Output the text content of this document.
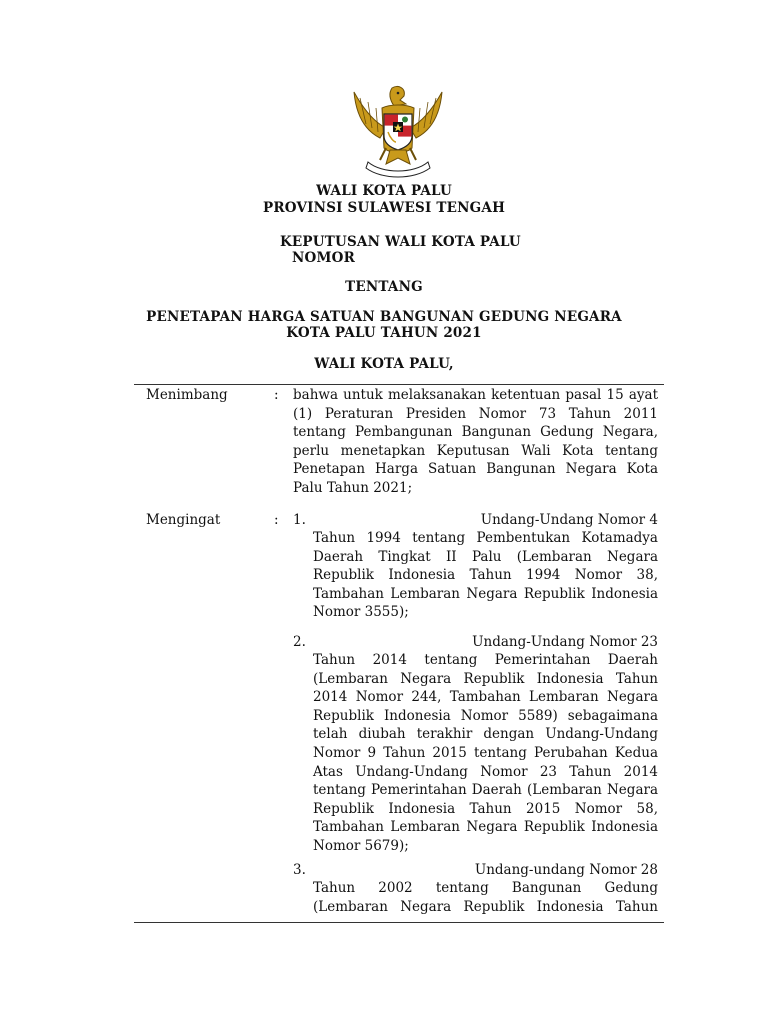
WALI KOTA PALU
PROVINSI SULAWESI TENGAH
KEPUTUSAN WALI KOTA PALU
NOMOR
TENTANG
PENETAPAN HARGA SATUAN BANGUNAN GEDUNG NEGARA
KOTA PALU TAHUN 2021
WALI KOTA PALU,
Menimbang	: bahwa untuk melaksanakan ketentuan pasal 15 ayat (1) Peraturan Presiden Nomor 73 Tahun 2011 tentang Pembangunan Bangunan Gedung Negara, perlu menetapkan Keputusan Wali Kota tentang Penetapan Harga Satuan Bangunan Negara Kota Palu Tahun 2021;
Mengingat	: 1.	Undang-Undang Nomor 4
Tahun 1994 tentang Pembentukan Kotamadya Daerah Tingkat II Palu (Lembaran Negara Republik Indonesia Tahun 1994 Nomor 38, Tambahan Lembaran Negara Republik Indonesia Nomor 3555);
2.	Undang-Undang Nomor 23
Tahun 2014 tentang Pemerintahan Daerah (Lembaran Negara Republik Indonesia Tahun 2014 Nomor 244, Tambahan Lembaran Negara Republik Indonesia Nomor 5589) sebagaimana telah diubah terakhir dengan Undang-Undang Nomor 9 Tahun 2015 tentang Perubahan Kedua Atas Undang-Undang Nomor 23 Tahun 2014 tentang Pemerintahan Daerah (Lembaran Negara Republik Indonesia Tahun 2015 Nomor 58, Tambahan Lembaran Negara Republik Indonesia Nomor 5679);
3.	Undang-undang Nomor 28
Tahun 2002 tentang Bangunan Gedung (Lembaran Negara Republik Indonesia Tahun
